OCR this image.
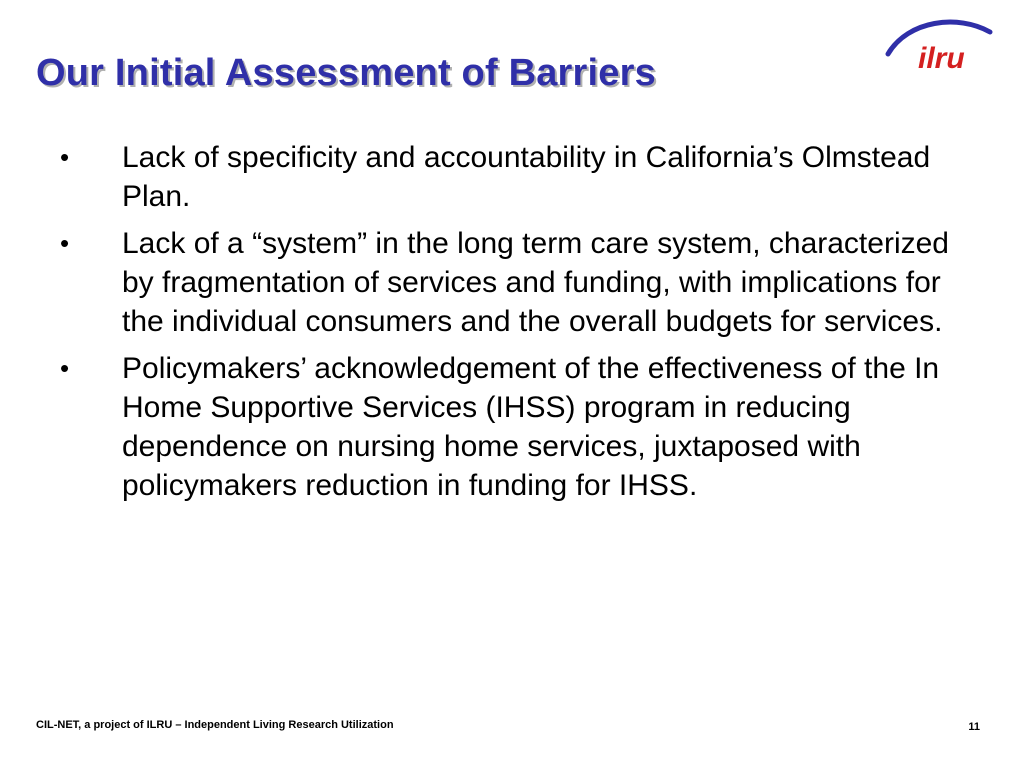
Our Initial Assessment of Barriers	ilru
•	Lack of specificity and accountability in California’s Olmstead Plan.
•	Lack of a “system” in the long term care system, characterized by fragmentation of services and funding, with implications for the individual consumers and the overall budgets for services.
•	Policymakers’ acknowledgement of the effectiveness of the In Home Supportive Services (IHSS) program in reducing dependence on nursing home services, juxtaposed with policymakers reduction in funding for IHSS.
CIL-NET, a project of ILRU – Independent Living Research Utilization	11
